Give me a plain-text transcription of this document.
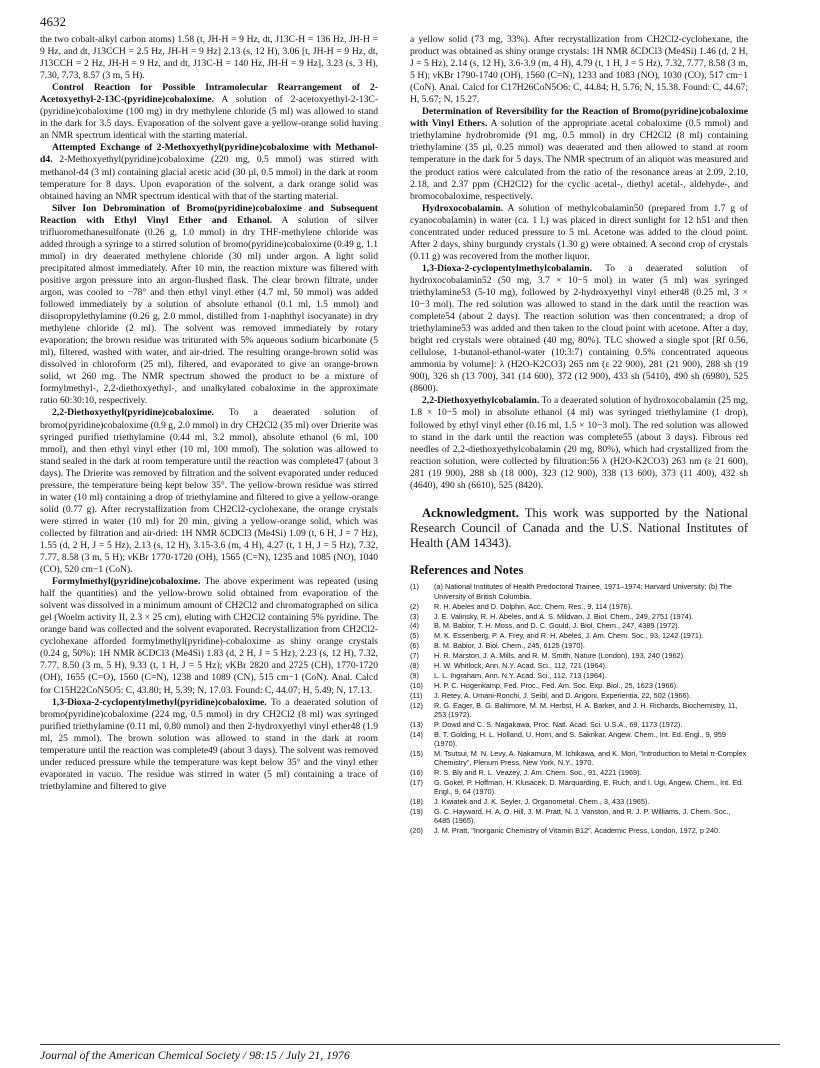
4632

the two cobalt-alkyl carbon atoms) 1.58 (t, JH-H = 9 Hz, dt, J13C-H = 136 Hz, JH-H = 9 Hz, and dt, J13CCH = 2.5 Hz, JH-H = 9 Hz] 2.13 (s, 12 H), 3.06 [t, JH-H = 9 Hz, dt, J13CCH = 2 Hz, JH-H = 9 Hz, and dt, J13C-H = 140 Hz, JH-H = 9 Hz], 3.23 (s, 3 H), 7.30, 7.73, 8.57 (3 m, 5 H).

Control Reaction for Possible Intramolecular Rearrangement of 2-Acetoxyethyl-2-13C-(pyridine)cobaloxime. A solution of 2-acetoxyethyl-2-13C-(pyridine)cobaloxime (100 mg) in dry methylene chloride (5 ml) was allowed to stand in the dark for 3.5 days. Evaporation of the solvent gave a yellow-orange solid having an NMR spectrum identical with the starting material.

Attempted Exchange of 2-Methoxyethyl(pyridine)cobaloxime with Methanol-d4. 2-Methoxyethyl(pyridine)cobaloxime (220 mg, 0.5 mmol) was stirred with methanol-d4 (3 ml) containing glacial acetic acid (30 µl, 0.5 mmol) in the dark at room temperature for 8 days. Upon evaporation of the solvent, a dark orange solid was obtained having an NMR spectrum identical with that of the starting material.

Silver Ion Debromination of Bromo(pyridine)cobaloxime and Subsequent Reaction with Ethyl Vinyl Ether and Ethanol. A solution of silver trifluoromethanesulfonate (0.26 g, 1.0 mmol) in dry THF-methylene chloride was added through a syringe to a stirred solution of bromo(pyridine)cobaloxime (0.49 g, 1.1 mmol) in dry deaerated methylene chloride (30 ml) under argon. A light solid precipitated almost immediately. After 10 min, the reaction mixture was filtered with positive argon pressure into an argon-flushed flask. The clear brown filtrate, under argon, was cooled to −78° and then ethyl vinyl ether (4.7 ml, 50 mmol) was added followed immediately by a solution of absolute ethanol (0.1 ml, 1.5 mmol) and diisopropylethylamine (0.26 g, 2.0 mmol, distilled from 1-naphthyl isocyanate) in dry methylene chloride (2 ml). The solvent was removed immediately by rotary evaporation; the brown residue was triturated with 5% aqueous sodium bicarbonate (5 ml), filtered, washed with water, and air-dried. The resulting orange-brown solid was dissolved in chloroform (25 ml), filtered, and evaporated to give an orange-brown solid, wt 260 mg. The NMR spectrum showed the product to be a mixture of formylmethyl-, 2,2-diethoxyethyl-, and unalkylated cobaloxime in the approximate ratio 60:30:10, respectively.

2,2-Diethoxyethyl(pyridine)cobaloxime. To a deaerated solution of bromo(pyridine)cobaloxime (0.9 g, 2.0 mmol) in dry CH2Cl2 (35 ml) over Drierite was syringed purified triethylamine (0.44 ml, 3.2 mmol), absolute ethanol (6 ml, 100 mmol), and then ethyl vinyl ether (10 ml, 100 mmol). The solution was allowed to stand sealed in the dark at room temperature until the reaction was complete47 (about 3 days). The Drierite was removed by filtration and the solvent evaporated under reduced pressure, the temperature being kept below 35°. The yellow-brown residue was stirred in water (10 ml) containing a drop of triethylamine and filtered to give a yellow-orange solid (0.77 g). After recrystallization from CH2Cl2-cyclohexane, the orange crystals were stirred in water (10 ml) for 20 min, giving a yellow-orange solid, which was collected by filtration and air-dried: 1H NMR δCDCl3 (Me4Si) 1.09 (t, 6 H, J = 7 Hz), 1.55 (d, 2 H, J = 5 Hz), 2.13 (s, 12 H), 3.15-3.6 (m, 4 H), 4.27 (t, 1 H, J = 5 Hz), 7.32, 7.77, 8.58 (3 m, 5 H); νKBr 1770-1720 (OH), 1565 (C=N), 1235 and 1085 (NO), 1040 (CO), 520 cm−1 (CoN).

Formylmethyl(pyridine)cobaloxime. The above experiment was repeated (using half the quantities) and the yellow-brown solid obtained from evaporation of the solvent was dissolved in a minimum amount of CH2Cl2 and chromatographed on silica gel (Woelm activity II, 2.3 × 25 cm), eluting with CH2Cl2 containing 5% pyridine. The orange band was collected and the solvent evaporated. Recrystallization from CH2Cl2-cyclohexane afforded formylmethyl(pyridine)-cobaloxime as shiny orange crystals (0.24 g, 50%): 1H NMR δCDCl3 (Me4Si) 1.83 (d, 2 H, J = 5 Hz), 2.23 (s, 12 H), 7.32, 7.77, 8.50 (3 m, 5 H), 9.33 (t, 1 H, J = 5 Hz); νKBr 2820 and 2725 (CH), 1770-1720 (OH), 1655 (C=O), 1560 (C=N), 1238 and 1089 (CN), 515 cm−1 (CoN). Anal. Calcd for C15H22CoN5O5: C, 43.80; H, 5.39; N, 17.03. Found: C, 44.07; H, 5.49; N, 17.13.

1,3-Dioxa-2-cyclopentylmethyl(pyridine)cobaloxime. To a deaerated solution of bromo(pyridine)cobaloxime (224 mg, 0.5 mmol) in dry CH2Cl2 (8 ml) was syringed purified triethylamine (0.11 ml, 0.80 mmol) and then 2-hydroxyethyl vinyl ether48 (1.9 ml, 25 mmol). The brown solution was allowed to stand in the dark at room temperature until the reaction was complete49 (about 3 days). The solvent was removed under reduced pressure while the temperature was kept below 35° and the vinyl ether evaporated in vacuo. The residue was stirred in water (5 ml) containing a trace of triethylamine and filtered to give

a yellow solid (73 mg, 33%). After recrystallization from CH2Cl2-cyclohexane, the product was obtained as shiny orange crystals: 1H NMR δCDCl3 (Me4Si) 1.46 (d, 2 H, J = 5 Hz), 2.14 (s, 12 H), 3.6-3.9 (m, 4 H), 4.79 (t, 1 H, J = 5 Hz), 7.32, 7.77, 8.58 (3 m, 5 H); νKBr 1790-1740 (OH), 1560 (C=N), 1233 and 1083 (NO), 1030 (CO), 517 cm−1 (CoN). Anal. Calcd for C17H26CoN5O6: C, 44.84; H, 5.76; N, 15.38. Found: C, 44.67; H, 5.67; N, 15.27.

Determination of Reversibility for the Reaction of Bromo(pyridine)cobaloxime with Vinyl Ethers. A solution of the appropriate acetal cobaloxime (0.5 mmol) and triethylamine hydrobromide (91 mg, 0.5 mmol) in dry CH2Cl2 (8 ml) containing triethylamine (35 µl, 0.25 mmol) was deaerated and then allowed to stand at room temperature in the dark for 5 days. The NMR spectrum of an aliquot was measured and the product ratios were calculated from the ratio of the resonance areas at 2.09, 2.10, 2.18, and 2.37 ppm (CH2Cl2) for the cyclic acetal-, diethyl acetal-, aldehyde-, and bromocobaloxime, respectively.

Hydroxocobalamin. A solution of methylcobalamin50 (prepared from 1.7 g of cyanocobalamin) in water (ca. 1 l.) was placed in direct sunlight for 12 h51 and then concentrated under reduced pressure to 5 ml. Acetone was added to the cloud point. After 2 days, shiny burgundy crystals (1.30 g) were obtained. A second crop of crystals (0.11 g) was recovered from the mother liquor.

1,3-Dioxa-2-cyclopentylmethylcobalamin. To a deaerated solution of hydroxocobalamin52 (50 mg, 3.7 × 10−5 mol) in water (5 ml) was syringed triethylamine53 (5-10 mg), followed by 2-hydroxyethyl vinyl ether48 (0.25 ml, 3 × 10−3 mol). The red solution was allowed to stand in the dark until the reaction was complete54 (about 2 days). The reaction solution was then concentrated; a drop of triethylamine53 was added and then taken to the cloud point with acetone. After a day, bright red crystals were obtained (40 mg, 80%). TLC showed a single spot [Rf 0.56, cellulose, 1-butanol-ethanol-water (10:3:7) containing 0.5% concentrated aqueous ammonia by volume]: λ (H2O-K2CO3) 265 nm (ε 22 900), 281 (21 900), 288 sh (19 900), 326 sh (13 700), 341 (14 600), 372 (12 900), 433 sh (5410), 490 sh (6980), 525 (8600).

2,2-Diethoxyethylcobalamin. To a deaerated solution of hydroxocobalamin (25 mg, 1.8 × 10−5 mol) in absolute ethanol (4 ml) was syringed triethylamine (1 drop), followed by ethyl vinyl ether (0.16 ml, 1.5 × 10−3 mol). The red solution was allowed to stand in the dark until the reaction was complete55 (about 3 days). Fibrous red needles of 2,2-diethoxyethylcobalamin (20 mg, 80%), which had crystallized from the reaction solution, were collected by filtration:56 λ (H2O-K2CO3) 263 nm (ε 21 600), 281 (19 900), 288 sh (18 000), 323 (12 900), 338 (13 600), 373 (11 400), 432 sh (4640), 490 sh (6610), 525 (8420).

Acknowledgment. This work was supported by the National Research Council of Canada and the U.S. National Institutes of Health (AM 14343).

References and Notes
(1) (a) National Institutes of Health Predoctoral Trainee, 1971–1974; Harvard University; (b) The University of British Columbia.
(2) R. H. Abeles and D. Dolphin, Acc. Chem. Res., 9, 114 (1976).
(3) J. E. Valinsky, R. H. Abeles, and A. S. Mildvan, J. Biol. Chem., 249, 2751 (1974).
(4) B. M. Babior, T. H. Moss, and D. C. Gould, J. Biol. Chem., 247, 4389 (1972).
(5) M. K. Essenberg, P. A. Frey, and R. H. Abeles, J. Am. Chem. Soc., 93, 1242 (1971).
(6) B. M. Babior, J. Biol. Chem., 245, 6125 (1970).
(7) H. R. Marston, J. A. Mills, and R. M. Smith, Nature (London), 193, 240 (1962).
(8) H. W. Whitlock, Ann. N.Y. Acad. Sci., 112, 721 (1964).
(9) L. L. Ingraham, Ann. N.Y. Acad. Sci., 112, 713 (1964).
(10) H. P. C. Hogenkamp, Fed. Proc., Fed. Am. Soc. Exp. Biol., 25, 1623 (1966).
(11) J. Retey, A. Umani-Ronchi, J. Seibl, and D. Arigoni, Experientia, 22, 502 (1966).
(12) R. G. Eager, B. G. Baltimore, M. M. Herbst, H. A. Barker, and J. H. Richards, Biochemistry, 11, 253 (1972).
(13) P. Dowd and C. S. Nagakawa, Proc. Natl. Acad. Sci. U.S.A., 69, 1173 (1972).
(14) B. T. Golding, H. L. Holland, U. Horn, and S. Sakrikar, Angew. Chem., Int. Ed. Engl., 9, 959 (1970).
(15) M. Tsutsui, M. N. Levy, A. Nakamura, M. Ichikawa, and K. Mori, "Introduction to Metal π-Complex Chemistry", Plenum Press, New York, N.Y., 1970.
(16) R. S. Bly and R. L. Veazey, J. Am. Chem. Soc., 91, 4221 (1969).
(17) G. Gokel, P. Hoffman, H. Klusacek, D. Marquarding, E. Ruch, and I. Ugi, Angew. Chem., Int. Ed. Engl., 9, 64 (1970).
(18) J. Kwiatek and J. K. Seyler, J. Organometal. Chem., 3, 433 (1965).
(19) G. C. Hayward, H. A. O. Hill, J. M. Pratt, N. J. Vanston, and R. J. P. Williams, J. Chem. Soc., 6485 (1965).
(20) J. M. Pratt, "Inorganic Chemistry of Vitamin B12", Academic Press, London, 1972, p 240.
Journal of the American Chemical Society / 98:15 / July 21, 1976
